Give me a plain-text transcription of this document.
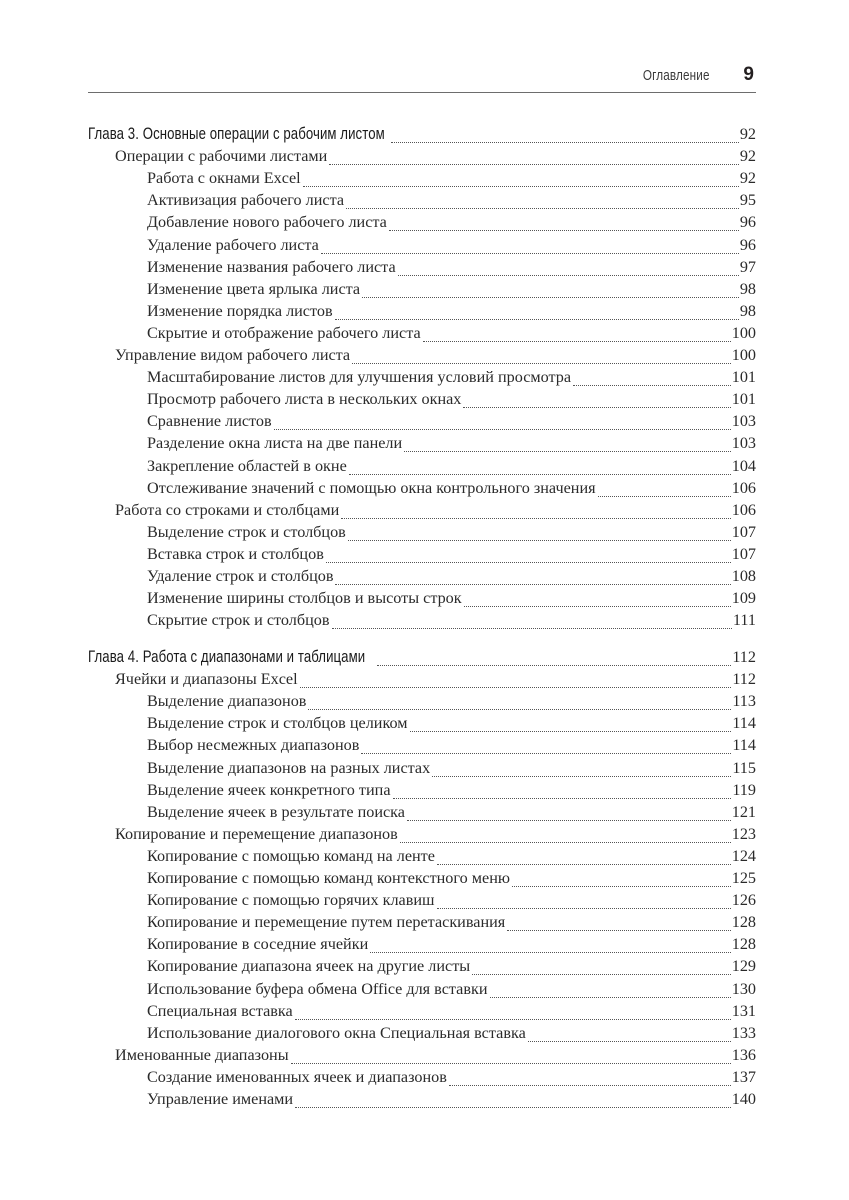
Оглавление 9
Глава 3. Основные операции с рабочим листом	92
Операции с рабочими листами	92
Работа с окнами Excel	92
Активизация рабочего листа	95
Добавление нового рабочего листа	96
Удаление рабочего листа	96
Изменение названия рабочего листа	97
Изменение цвета ярлыка листа	98
Изменение порядка листов	98
Скрытие и отображение рабочего листа	100
Управление видом рабочего листа	100
Масштабирование листов для улучшения условий просмотра	101
Просмотр рабочего листа в нескольких окнах	101
Сравнение листов	103
Разделение окна листа на две панели	103
Закрепление областей в окне	104
Отслеживание значений с помощью окна контрольного значения	106
Работа со строками и столбцами	106
Выделение строк и столбцов	107
Вставка строк и столбцов	107
Удаление строк и столбцов	108
Изменение ширины столбцов и высоты строк	109
Скрытие строк и столбцов	111
Глава 4. Работа с диапазонами и таблицами	112
Ячейки и диапазоны Excel	112
Выделение диапазонов	113
Выделение строк и столбцов целиком	114
Выбор несмежных диапазонов	114
Выделение диапазонов на разных листах	115
Выделение ячеек конкретного типа	119
Выделение ячеек в результате поиска	121
Копирование и перемещение диапазонов	123
Копирование с помощью команд на ленте	124
Копирование с помощью команд контекстного меню	125
Копирование с помощью горячих клавиш	126
Копирование и перемещение путем перетаскивания	128
Копирование в соседние ячейки	128
Копирование диапазона ячеек на другие листы	129
Использование буфера обмена Office для вставки	130
Специальная вставка	131
Использование диалогового окна Специальная вставка	133
Именованные диапазоны	136
Создание именованных ячеек и диапазонов	137
Управление именами	140
